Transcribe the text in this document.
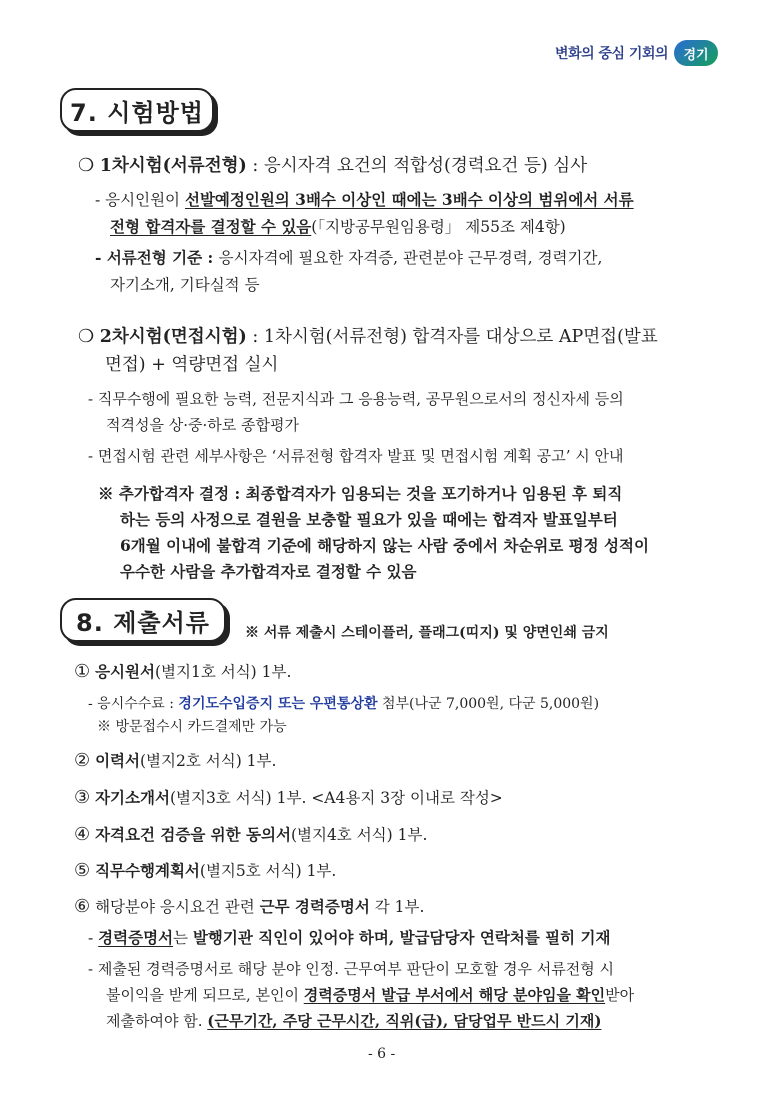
변화의 중심 기회의	경기
7. 시험방법
❍ 1차시험(서류전형) : 응시자격 요건의 적합성(경력요건 등) 심사
- 응시인원이 선발예정인원의 3배수 이상인 때에는 3배수 이상의 범위에서 서류
전형 합격자를 결정할 수 있음(「지방공무원임용령」 제55조 제4항)
- 서류전형 기준 : 응시자격에 필요한 자격증, 관련분야 근무경력, 경력기간,
자기소개, 기타실적 등
❍ 2차시험(면접시험) : 1차시험(서류전형) 합격자를 대상으로 AP면접(발표
면접) + 역량면접 실시
- 직무수행에 필요한 능력, 전문지식과 그 응용능력, 공무원으로서의 정신자세 등의
적격성을 상·중·하로 종합평가
- 면접시험 관련 세부사항은 ‘서류전형 합격자 발표 및 면접시험 계획 공고’ 시 안내
※ 추가합격자 결정 : 최종합격자가 임용되는 것을 포기하거나 임용된 후 퇴직
하는 등의 사정으로 결원을 보충할 필요가 있을 때에는 합격자 발표일부터
6개월 이내에 불합격 기준에 해당하지 않는 사람 중에서 차순위로 평정 성적이
우수한 사람을 추가합격자로 결정할 수 있음
8. 제출서류	※ 서류 제출시 스테이플러, 플래그(띠지) 및 양면인쇄 금지
① 응시원서(별지1호 서식) 1부.
- 응시수수료 : 경기도수입증지 또는 우편통상환 첨부(나군 7,000원, 다군 5,000원)
※ 방문접수시 카드결제만 가능
② 이력서(별지2호 서식) 1부.
③ 자기소개서(별지3호 서식) 1부. <A4용지 3장 이내로 작성>
④ 자격요건 검증을 위한 동의서(별지4호 서식) 1부.
⑤ 직무수행계획서(별지5호 서식) 1부.
⑥ 해당분야 응시요건 관련 근무 경력증명서 각 1부.
- 경력증명서는 발행기관 직인이 있어야 하며, 발급담당자 연락처를 필히 기재
- 제출된 경력증명서로 해당 분야 인정. 근무여부 판단이 모호할 경우 서류전형 시
불이익을 받게 되므로, 본인이 경력증명서 발급 부서에서 해당 분야임을 확인받아
제출하여야 함. (근무기간, 주당 근무시간, 직위(급), 담당업무 반드시 기재)
- 6 -
